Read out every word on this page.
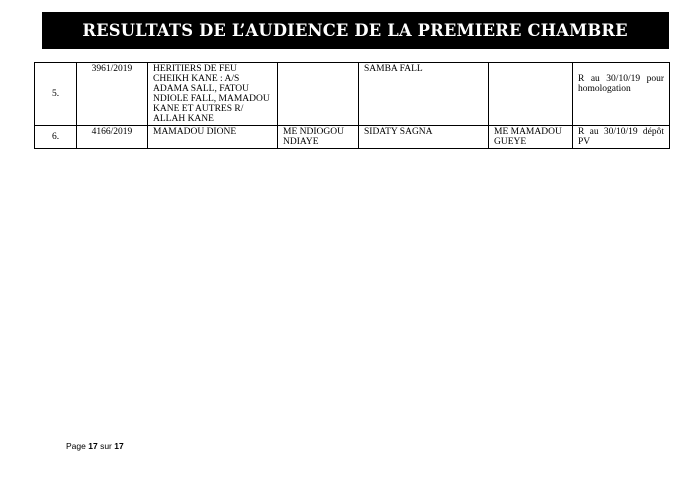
RESULTATS DE L’AUDIENCE DE LA PREMIERE CHAMBRE
5.	3961/2019	HERITIERS DE FEU CHEIKH KANE : A/S ADAMA SALL, FATOU NDIOLE FALL, MAMADOU KANE ET AUTRES R/ ALLAH KANE		SAMBA FALL		R au 30/10/19 pour homologation
6.	4166/2019	MAMADOU DIONE	ME NDIOGOU NDIAYE	SIDATY SAGNA	ME MAMADOU GUEYE	R au 30/10/19 dépôt PV
Page 17 sur 17
